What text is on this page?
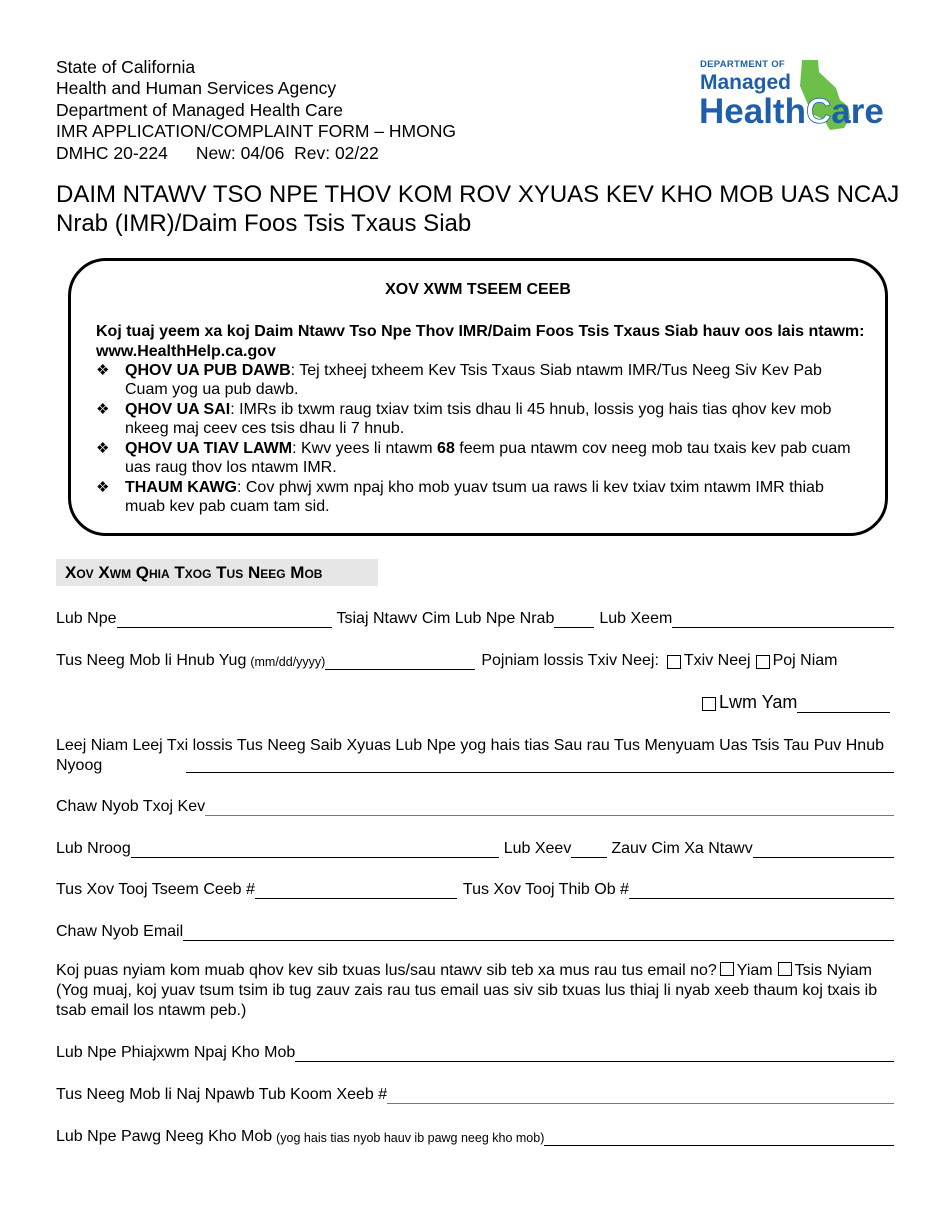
State of California
Health and Human Services Agency
Department of Managed Health Care
IMR APPLICATION/COMPLAINT FORM – HMONG
DMHC 20-224 New: 04/06  Rev: 02/22
DEPARTMENT OF
Managed
HealthCare
DAIM NTAWV TSO NPE THOV KOM ROV XYUAS KEV KHO MOB UAS NCAJ Nrab (IMR)/Daim Foos Tsis Txaus Siab
XOV XWM TSEEM CEEB
Koj tuaj yeem xa koj Daim Ntawv Tso Npe Thov IMR/Daim Foos Tsis Txaus Siab hauv oos lais ntawm: www.HealthHelp.ca.gov
❖ QHOV UA PUB DAWB: Tej txheej txheem Kev Tsis Txaus Siab ntawm IMR/Tus Neeg Siv Kev Pab Cuam yog ua pub dawb.
❖ QHOV UA SAI: IMRs ib txwm raug txiav txim tsis dhau li 45 hnub, lossis yog hais tias qhov kev mob nkeeg maj ceev ces tsis dhau li 7 hnub.
❖ QHOV UA TIAV LAWM: Kwv yees li ntawm 68 feem pua ntawm cov neeg mob tau txais kev pab cuam uas raug thov los ntawm IMR.
❖ THAUM KAWG: Cov phwj xwm npaj kho mob yuav tsum ua raws li kev txiav txim ntawm IMR thiab muab kev pab cuam tam sid.
Xov Xwm Qhia Txog Tus Neeg Mob
Lub Npe	Tsiaj Ntawv Cim Lub Npe Nrab	Lub Xeem
Tus Neeg Mob li Hnub Yug (mm/dd/yyyy)	Pojniam lossis Txiv Neej: Txiv Neej Poj Niam
Lwm Yam
Leej Niam Leej Txi lossis Tus Neeg Saib Xyuas Lub Npe yog hais tias Sau rau Tus Menyuam Uas Tsis Tau Puv Hnub Nyoog
Chaw Nyob Txoj Kev
Lub Nroog	Lub Xeev	Zauv Cim Xa Ntawv
Tus Xov Tooj Tseem Ceeb #	Tus Xov Tooj Thib Ob #
Chaw Nyob Email
Koj puas nyiam kom muab qhov kev sib txuas lus/sau ntawv sib teb xa mus rau tus email no? Yiam Tsis Nyiam
(Yog muaj, koj yuav tsum tsim ib tug zauv zais rau tus email uas siv sib txuas lus thiaj li nyab xeeb thaum koj txais ib tsab email los ntawm peb.)
Lub Npe Phiajxwm Npaj Kho Mob
Tus Neeg Mob li Naj Npawb Tub Koom Xeeb #
Lub Npe Pawg Neeg Kho Mob (yog hais tias nyob hauv ib pawg neeg kho mob)
